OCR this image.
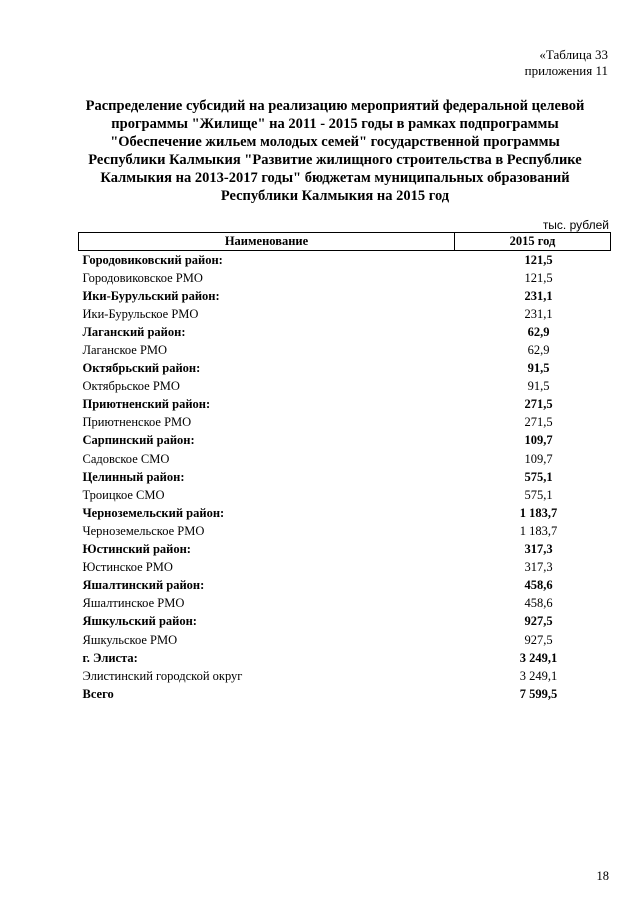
«Таблица 33
приложения 11
Распределение субсидий на реализацию мероприятий федеральной целевой
программы "Жилище" на 2011 - 2015 годы в рамках подпрограммы
"Обеспечение жильем молодых семей" государственной программы
Республики Калмыкия "Развитие жилищного строительства в Республике
Калмыкия на 2013-2017 годы" бюджетам муниципальных образований
Республики Калмыкия на 2015 год
тыс. рублей
Наименование	2015 год
Городовиковский район:	121,5
Городовиковское РМО	121,5
Ики-Бурульский район:	231,1
Ики-Бурульское РМО	231,1
Лаганский район:	62,9
Лаганское РМО	62,9
Октябрьский район:	91,5
Октябрьское РМО	91,5
Приютненский район:	271,5
Приютненское РМО	271,5
Сарпинский район:	109,7
Садовское СМО	109,7
Целинный район:	575,1
Троицкое СМО	575,1
Черноземельский район:	1 183,7
Черноземельское РМО	1 183,7
Юстинский район:	317,3
Юстинское РМО	317,3
Яшалтинский район:	458,6
Яшалтинское РМО	458,6
Яшкульский район:	927,5
Яшкульское РМО	927,5
г. Элиста:	3 249,1
Элистинский городской округ	3 249,1
Всего	7 599,5
18
